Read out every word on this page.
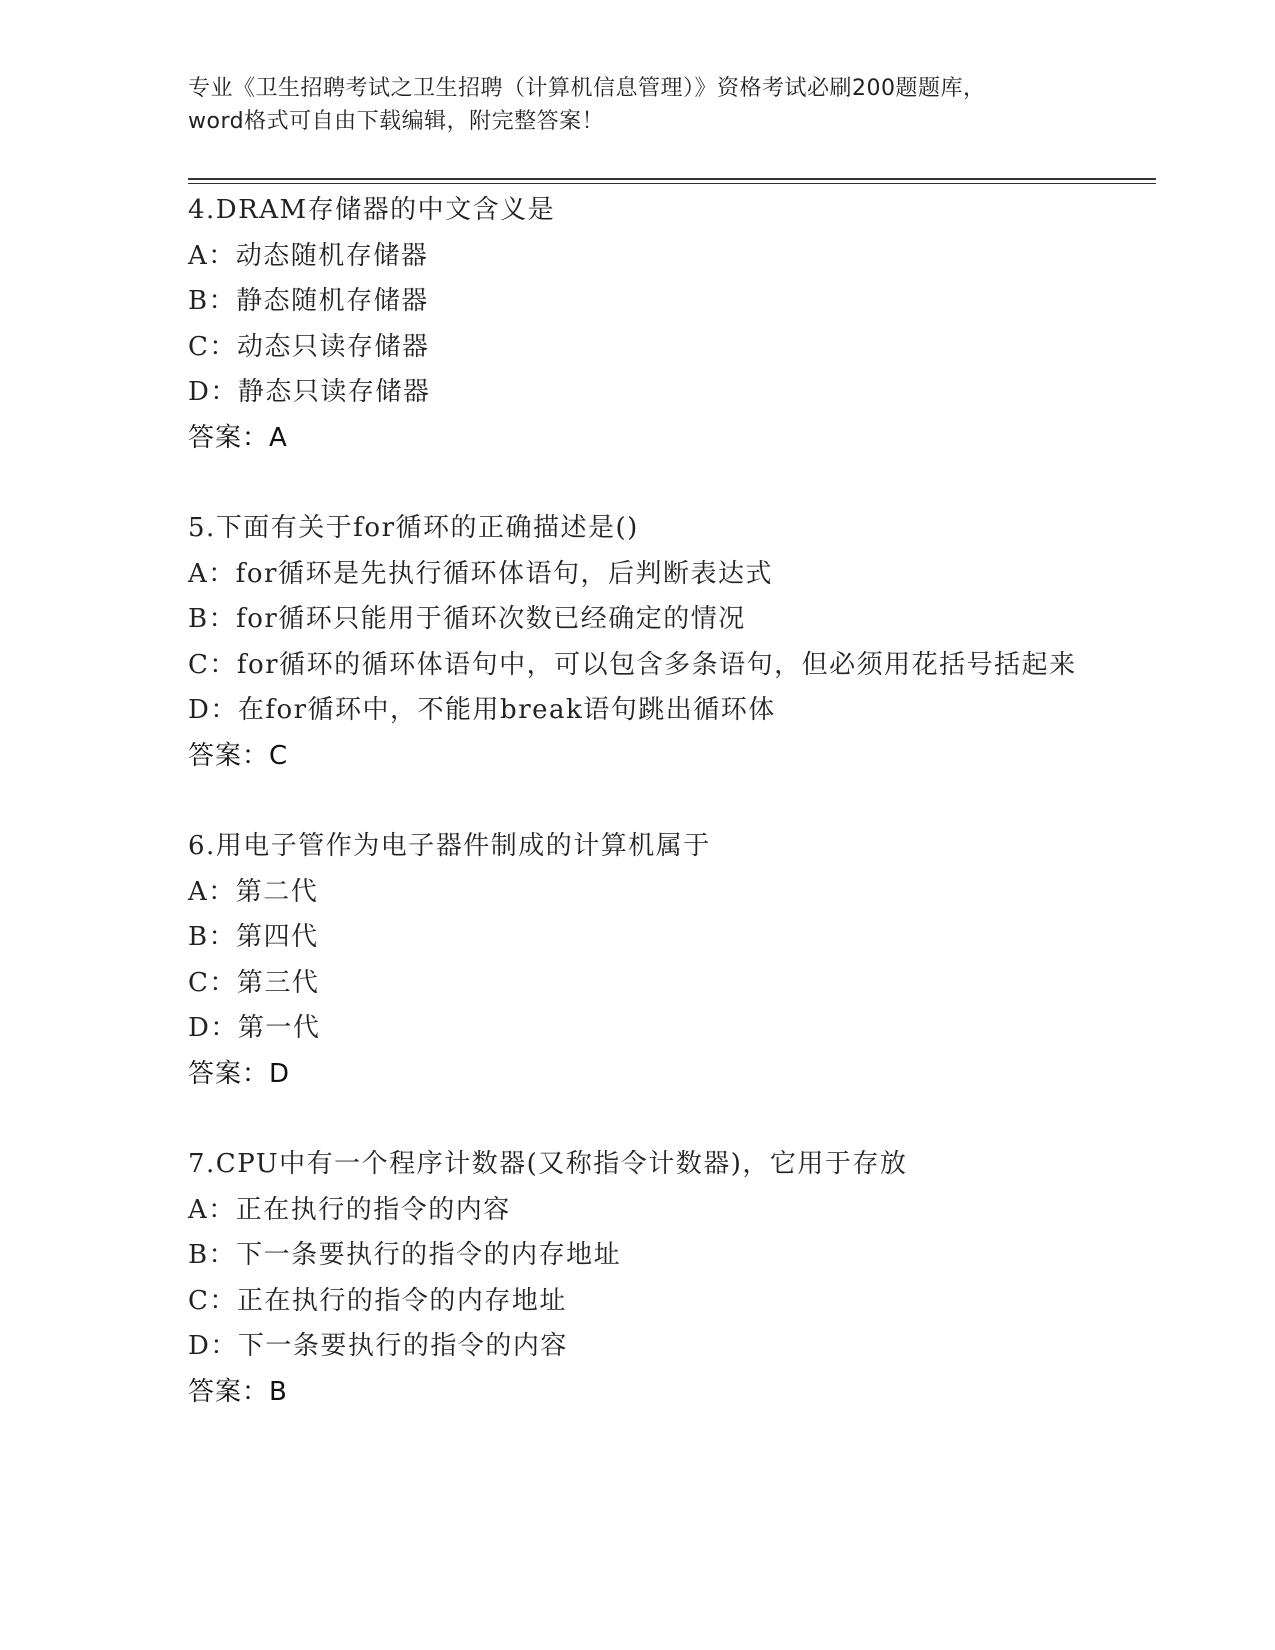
专业《卫生招聘考试之卫生招聘（计算机信息管理）》资格考试必刷200题题库，
word格式可自由下载编辑，附完整答案！
4.DRAM存储器的中文含义是
A：动态随机存储器
B：静态随机存储器
C：动态只读存储器
D：静态只读存储器
答案：A
5.下面有关于for循环的正确描述是()
A：for循环是先执行循环体语句，后判断表达式
B：for循环只能用于循环次数已经确定的情况
C：for循环的循环体语句中，可以包含多条语句，但必须用花括号括起来
D：在for循环中，不能用break语句跳出循环体
答案：C
6.用电子管作为电子器件制成的计算机属于
A：第二代
B：第四代
C：第三代
D：第一代
答案：D
7.CPU中有一个程序计数器(又称指令计数器)，它用于存放
A：正在执行的指令的内容
B：下一条要执行的指令的内存地址
C：正在执行的指令的内存地址
D：下一条要执行的指令的内容
答案：B
